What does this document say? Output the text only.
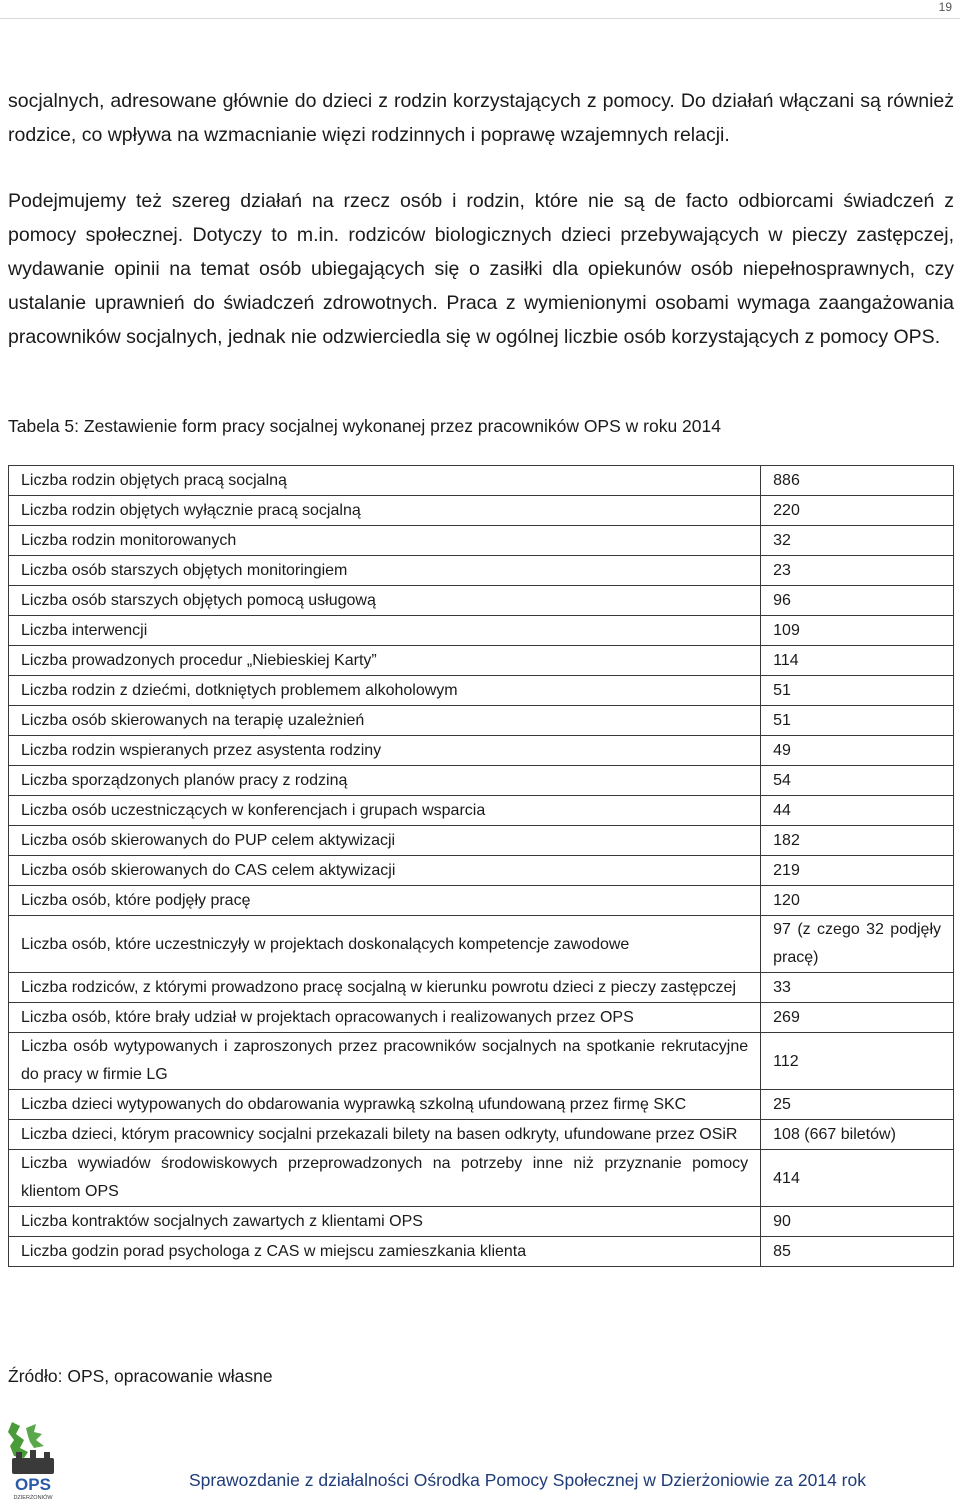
19

socjalnych, adresowane głównie do dzieci z rodzin korzystających z pomocy. Do działań włączani są również rodzice, co wpływa na wzmacnianie więzi rodzinnych i poprawę wzajemnych relacji.

Podejmujemy też szereg działań na rzecz osób i rodzin, które nie są de facto odbiorcami świadczeń z pomocy społecznej. Dotyczy to m.in. rodziców biologicznych dzieci przebywających w pieczy zastępczej, wydawanie opinii na temat osób ubiegających się o zasiłki dla opiekunów osób niepełnosprawnych, czy ustalanie uprawnień do świadczeń zdrowotnych. Praca z wymienionymi osobami wymaga zaangażowania pracowników socjalnych, jednak nie odzwierciedla się w ogólnej liczbie osób korzystających z pomocy OPS.

Tabela 5: Zestawienie form pracy socjalnej wykonanej przez pracowników OPS w roku 2014

Liczba rodzin objętych pracą socjalną	886
Liczba rodzin objętych wyłącznie pracą socjalną	220
Liczba rodzin monitorowanych	32
Liczba osób starszych objętych monitoringiem	23
Liczba osób starszych objętych pomocą usługową	96
Liczba interwencji	109
Liczba prowadzonych procedur „Niebieskiej Karty”	114
Liczba rodzin z dziećmi, dotkniętych problemem alkoholowym	51
Liczba osób skierowanych na terapię uzależnień	51
Liczba rodzin wspieranych przez asystenta rodziny	49
Liczba sporządzonych planów pracy z rodziną	54
Liczba osób uczestniczących w konferencjach i grupach wsparcia	44
Liczba osób skierowanych do PUP celem aktywizacji	182
Liczba osób skierowanych do CAS celem aktywizacji	219
Liczba osób, które podjęły pracę	120
Liczba osób, które uczestniczyły w projektach doskonalących kompetencje zawodowe	97 (z czego 32 podjęły pracę)
Liczba rodziców, z którymi prowadzono pracę socjalną w kierunku powrotu dzieci z pieczy zastępczej	33
Liczba osób, które brały udział w projektach opracowanych i realizowanych przez OPS	269
Liczba osób wytypowanych i zaproszonych przez pracowników socjalnych na spotkanie rekrutacyjne do pracy w firmie LG	112
Liczba dzieci wytypowanych do obdarowania wyprawką szkolną ufundowaną przez firmę SKC	25
Liczba dzieci, którym pracownicy socjalni przekazali bilety na basen odkryty, ufundowane przez OSiR	108 (667 biletów)
Liczba wywiadów środowiskowych przeprowadzonych na potrzeby inne niż przyznanie pomocy klientom OPS	414
Liczba kontraktów socjalnych zawartych z klientami OPS	90
Liczba godzin porad psychologa z CAS w miejscu zamieszkania klienta	85

Źródło: OPS, opracowanie własne

OPS
DZIERŻONIÓW
Sprawozdanie z działalności Ośrodka Pomocy Społecznej w Dzierżoniowie za 2014 rok
